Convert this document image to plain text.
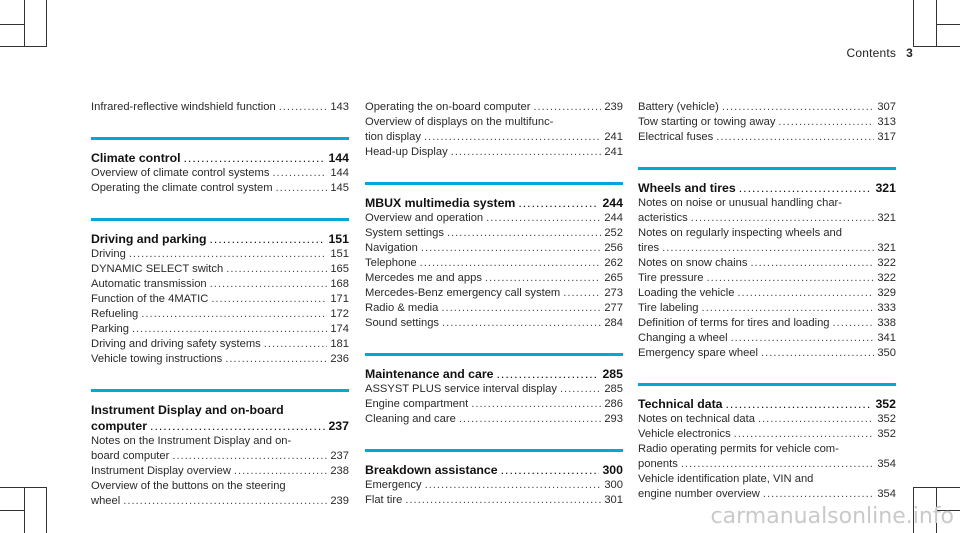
Contents 3
Infrared-reflective windshield function .....	143
Climate control .....	144
Overview of climate control systems .....	144
Operating the climate control system .....	145
Driving and parking .....	151
Driving .....	151
DYNAMIC SELECT switch .....	165
Automatic transmission .....	168
Function of the 4MATIC .....	171
Refueling .....	172
Parking .....	174
Driving and driving safety systems .....	181
Vehicle towing instructions .....	236
Instrument Display and on-board
computer .....	237
Notes on the Instrument Display and on-
board computer .....	237
Instrument Display overview .....	238
Overview of the buttons on the steering
wheel .....	239
Operating the on-board computer .....	239
Overview of displays on the multifunc-
tion display .....	241
Head-up Display .....	241
MBUX multimedia system .....	244
Overview and operation .....	244
System settings .....	252
Navigation .....	256
Telephone .....	262
Mercedes me and apps .....	265
Mercedes-Benz emergency call system .....	273
Radio & media .....	277
Sound settings .....	284
Maintenance and care .....	285
ASSYST PLUS service interval display .....	285
Engine compartment .....	286
Cleaning and care .....	293
Breakdown assistance .....	300
Emergency .....	300
Flat tire .....	301
Battery (vehicle) .....	307
Tow starting or towing away .....	313
Electrical fuses .....	317
Wheels and tires .....	321
Notes on noise or unusual handling char-
acteristics .....	321
Notes on regularly inspecting wheels and
tires .....	321
Notes on snow chains .....	322
Tire pressure .....	322
Loading the vehicle .....	329
Tire labeling .....	333
Definition of terms for tires and loading .....	338
Changing a wheel .....	341
Emergency spare wheel .....	350
Technical data .....	352
Notes on technical data .....	352
Vehicle electronics .....	352
Radio operating permits for vehicle com-
ponents .....	354
Vehicle identification plate, VIN and
engine number overview .....	354
carmanualsonline.info
